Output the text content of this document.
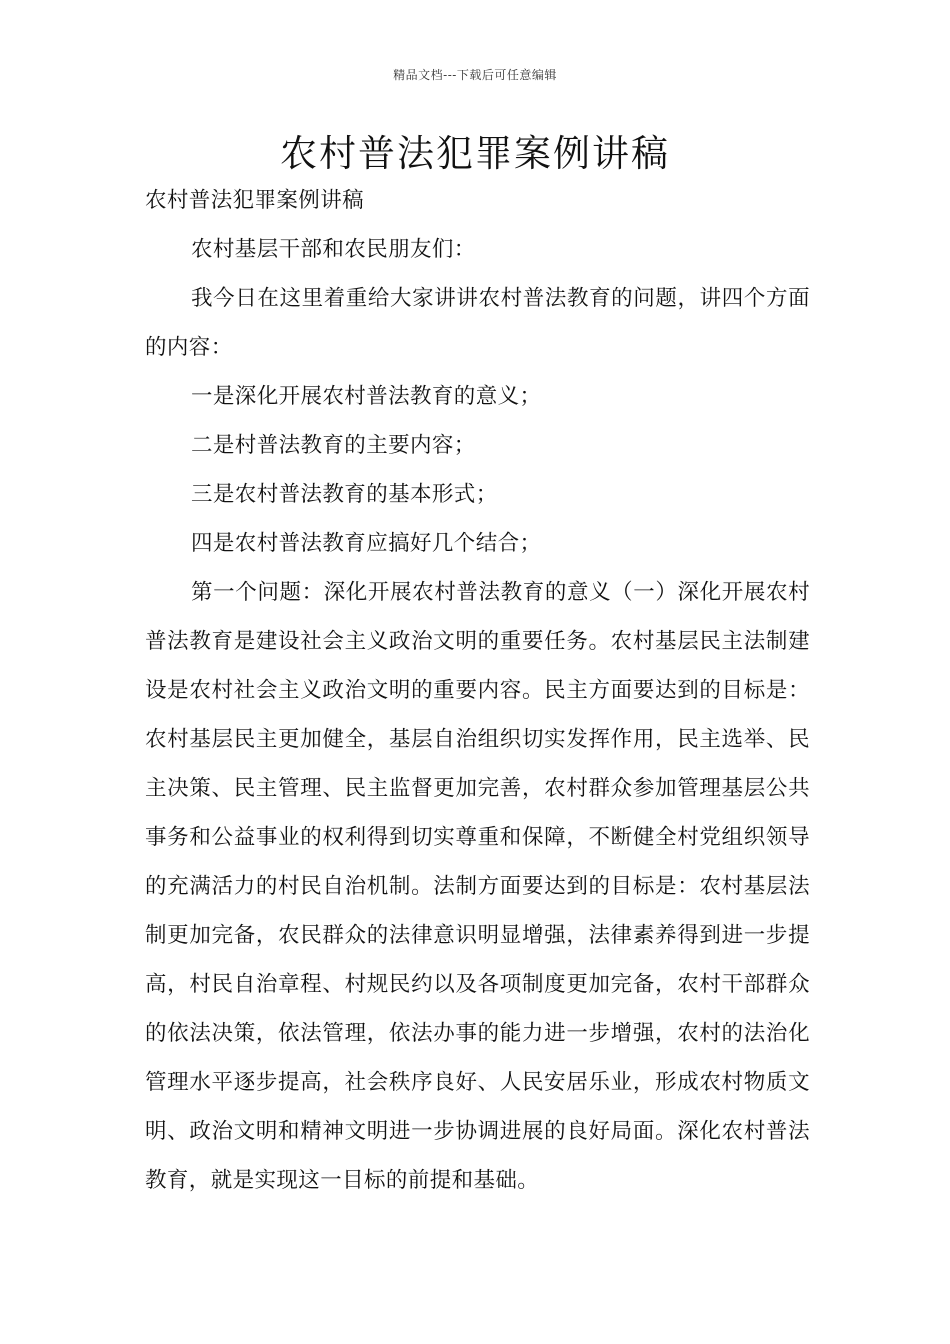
精品文档---下载后可任意编辑
农村普法犯罪案例讲稿

农村普法犯罪案例讲稿

农村基层干部和农民朋友们：

我今日在这里着重给大家讲讲农村普法教育的问题，讲四个方面的内容：

一是深化开展农村普法教育的意义；

二是村普法教育的主要内容；

三是农村普法教育的基本形式；

四是农村普法教育应搞好几个结合；

第一个问题：深化开展农村普法教育的意义（一）深化开展农村普法教育是建设社会主义政治文明的重要任务。农村基层民主法制建设是农村社会主义政治文明的重要内容。民主方面要达到的目标是：农村基层民主更加健全，基层自治组织切实发挥作用，民主选举、民主决策、民主管理、民主监督更加完善，农村群众参加管理基层公共事务和公益事业的权利得到切实尊重和保障，不断健全村党组织领导的充满活力的村民自治机制。法制方面要达到的目标是：农村基层法制更加完备，农民群众的法律意识明显增强，法律素养得到进一步提高，村民自治章程、村规民约以及各项制度更加完备，农村干部群众的依法决策，依法管理，依法办事的能力进一步增强，农村的法治化管理水平逐步提高，社会秩序良好、人民安居乐业，形成农村物质文明、政治文明和精神文明进一步协调进展的良好局面。深化农村普法教育，就是实现这一目标的前提和基础。
